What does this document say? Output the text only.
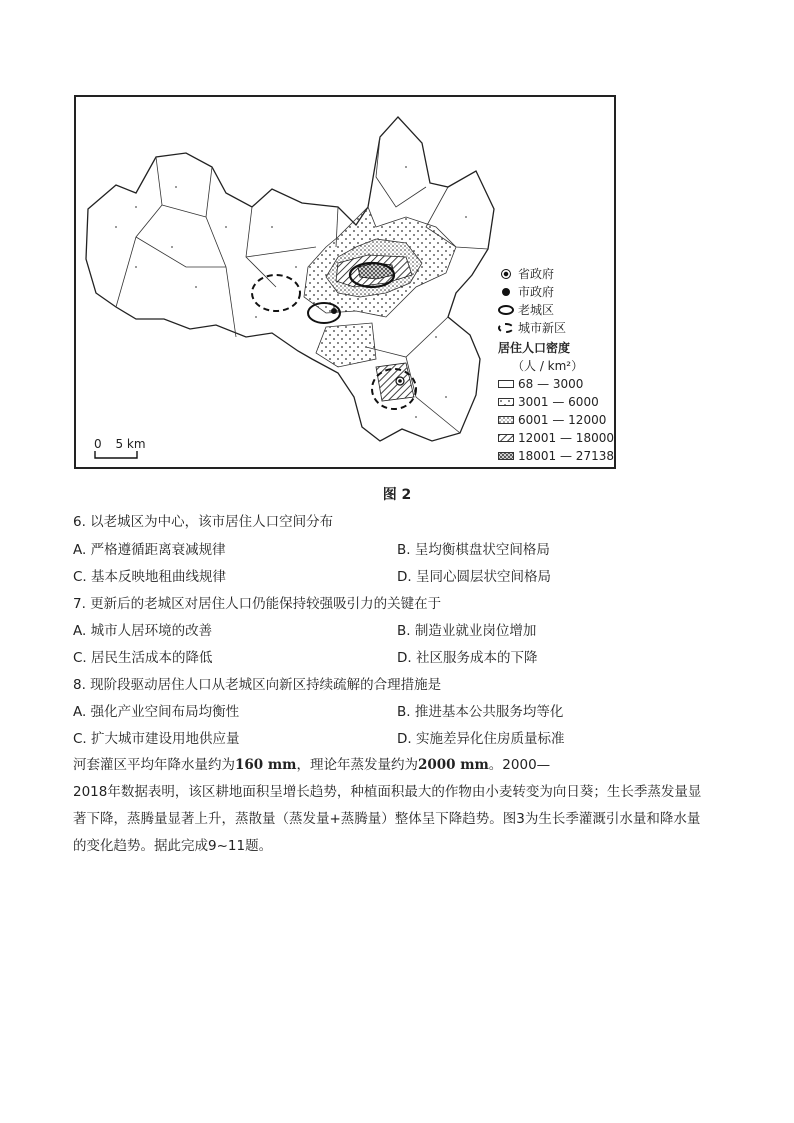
省政府
市政府
老城区
城市新区
居住人口密度
（人 / km²）
68 — 3000
3001 — 6000
6001 — 12000
12001 — 18000
18001 — 27138
0 5 km
图 2
6. 以老城区为中心，该市居住人口空间分布
A. 严格遵循距离衰减规律	B. 呈均衡棋盘状空间格局
C. 基本反映地租曲线规律	D. 呈同心圆层状空间格局
7. 更新后的老城区对居住人口仍能保持较强吸引力的关键在于
A. 城市人居环境的改善	B. 制造业就业岗位增加
C. 居民生活成本的降低	D. 社区服务成本的下降
8. 现阶段驱动居住人口从老城区向新区持续疏解的合理措施是
A. 强化产业空间布局均衡性	B. 推进基本公共服务均等化
C. 扩大城市建设用地供应量	D. 实施差异化住房质量标准
河套灌区平均年降水量约为160 mm，理论年蒸发量约为2000 mm。2000—
2018年数据表明，该区耕地面积呈增长趋势，种植面积最大的作物由小麦转变为向日葵；生长季蒸发量显
著下降，蒸腾量显著上升，蒸散量（蒸发量+蒸腾量）整体呈下降趋势。图3为生长季灌溉引水量和降水量
的变化趋势。据此完成9~11题。
